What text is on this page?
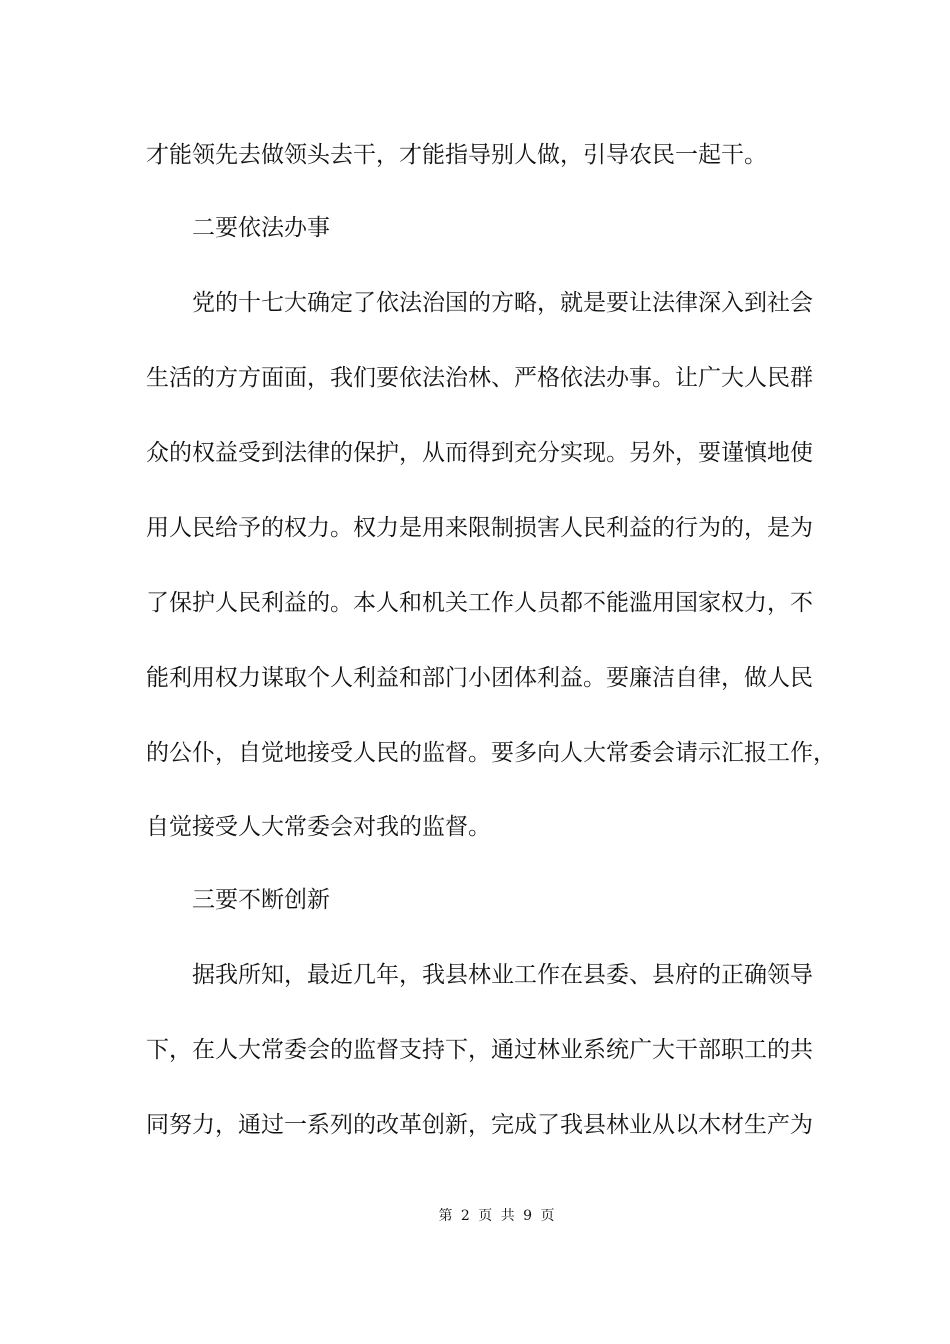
才能领先去做领头去干，才能指导别人做，引导农民一起干。
二要依法办事
党的十七大确定了依法治国的方略，就是要让法律深入到社会
生活的方方面面，我们要依法治林、严格依法办事。让广大人民群
众的权益受到法律的保护，从而得到充分实现。另外，要谨慎地使
用人民给予的权力。权力是用来限制损害人民利益的行为的，是为
了保护人民利益的。本人和机关工作人员都不能滥用国家权力，不
能利用权力谋取个人利益和部门小团体利益。要廉洁自律，做人民
的公仆，自觉地接受人民的监督。要多向人大常委会请示汇报工作，
自觉接受人大常委会对我的监督。
三要不断创新
据我所知，最近几年，我县林业工作在县委、县府的正确领导
下，在人大常委会的监督支持下，通过林业系统广大干部职工的共
同努力，通过一系列的改革创新，完成了我县林业从以木材生产为
第 2 页 共 9 页
